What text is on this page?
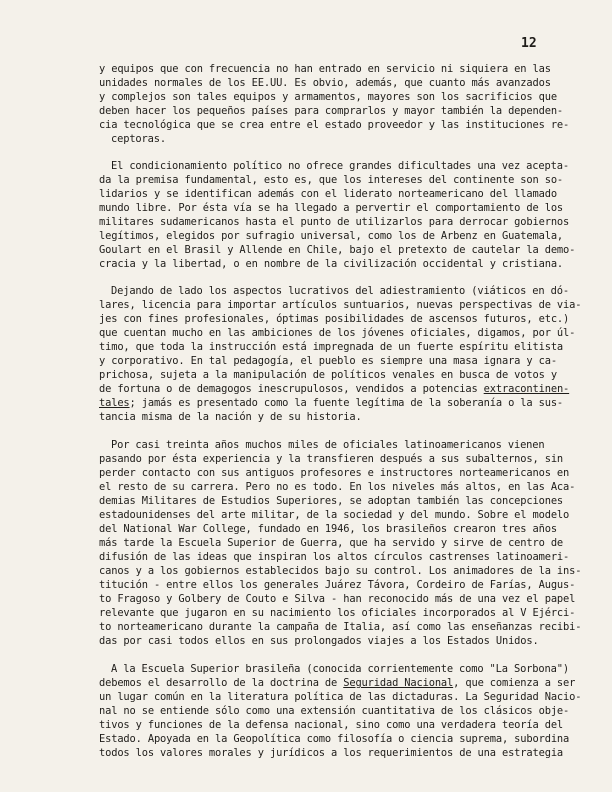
12
y equipos que con frecuencia no han entrado en servicio ni siquiera en las
unidades normales de los EE.UU. Es obvio, además, que cuanto más avanzados
y complejos son tales equipos y armamentos, mayores son los sacrificios que
deben hacer los pequeños países para comprarlos y mayor también la dependen-
cia tecnológica que se crea entre el estado proveedor y las instituciones re-
ceptoras.
El condicionamiento político no ofrece grandes dificultades una vez acepta-
da la premisa fundamental, esto es, que los intereses del continente son so-
lidarios y se identifican además con el liderato norteamericano del llamado
mundo libre. Por ésta vía se ha llegado a pervertir el comportamiento de los
militares sudamericanos hasta el punto de utilizarlos para derrocar gobiernos
legítimos, elegidos por sufragio universal, como los de Arbenz en Guatemala,
Goulart en el Brasil y Allende en Chile, bajo el pretexto de cautelar la demo-
cracia y la libertad, o en nombre de la civilización occidental y cristiana.
Dejando de lado los aspectos lucrativos del adiestramiento (viáticos en dó-
lares, licencia para importar artículos suntuarios, nuevas perspectivas de via-
jes con fines profesionales, óptimas posibilidades de ascensos futuros, etc.)
que cuentan mucho en las ambiciones de los jóvenes oficiales, digamos, por úl-
timo, que toda la instrucción está impregnada de un fuerte espíritu elitista
y corporativo. En tal pedagogía, el pueblo es siempre una masa ignara y ca-
prichosa, sujeta a la manipulación de políticos venales en busca de votos y
de fortuna o de demagogos inescrupulosos, vendidos a potencias extracontinen-
tales; jamás es presentado como la fuente legítima de la soberanía o la sus-
tancia misma de la nación y de su historia.
Por casi treinta años muchos miles de oficiales latinoamericanos vienen
pasando por ésta experiencia y la transfieren después a sus subalternos, sin
perder contacto con sus antiguos profesores e instructores norteamericanos en
el resto de su carrera. Pero no es todo. En los niveles más altos, en las Aca-
demias Militares de Estudios Superiores, se adoptan también las concepciones
estadounidenses del arte militar, de la sociedad y del mundo. Sobre el modelo
del National War College, fundado en 1946, los brasileños crearon tres años
más tarde la Escuela Superior de Guerra, que ha servido y sirve de centro de
difusión de las ideas que inspiran los altos círculos castrenses latinoameri-
canos y a los gobiernos establecidos bajo su control. Los animadores de la ins-
titución - entre ellos los generales Juárez Távora, Cordeiro de Farías, Augus-
to Fragoso y Golbery de Couto e Silva - han reconocido más de una vez el papel
relevante que jugaron en su nacimiento los oficiales incorporados al V Ejérci-
to norteamericano durante la campaña de Italia, así como las enseñanzas recibi-
das por casi todos ellos en sus prolongados viajes a los Estados Unidos.
A la Escuela Superior brasileña (conocida corrientemente como "La Sorbona")
debemos el desarrollo de la doctrina de Seguridad Nacional, que comienza a ser
un lugar común en la literatura política de las dictaduras. La Seguridad Nacio-
nal no se entiende sólo como una extensión cuantitativa de los clásicos obje-
tivos y funciones de la defensa nacional, sino como una verdadera teoría del
Estado. Apoyada en la Geopolítica como filosofía o ciencia suprema, subordina
todos los valores morales y jurídicos a los requerimientos de una estrategia
